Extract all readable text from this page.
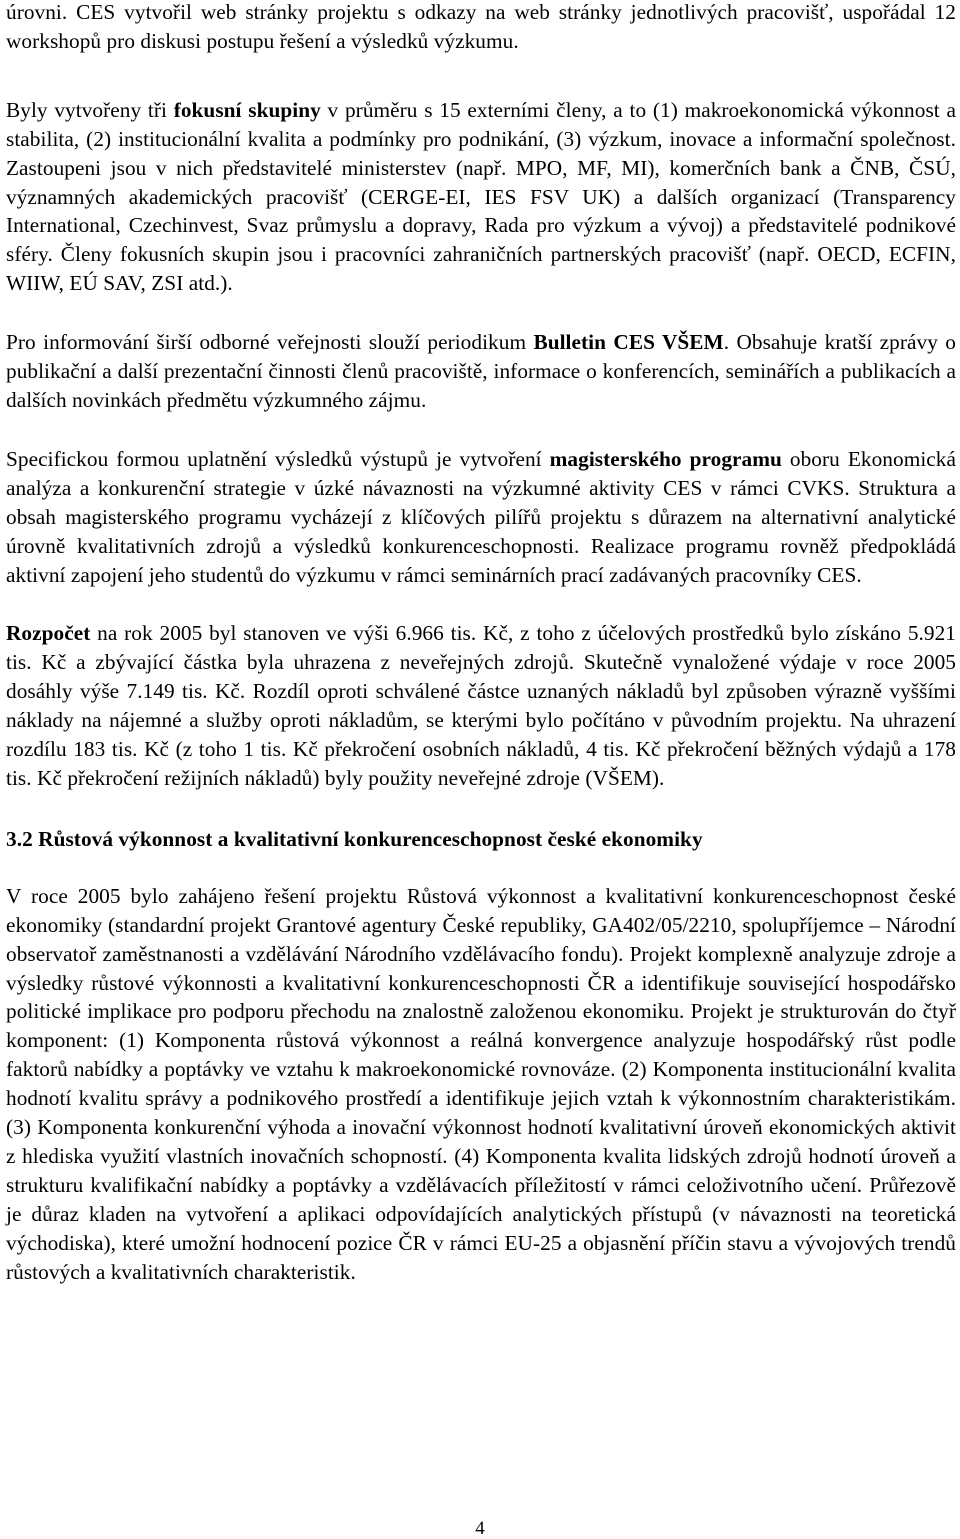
úrovni. CES vytvořil web stránky projektu s odkazy na web stránky jednotlivých pracovišť, uspořádal 12 workshopů pro diskusi postupu řešení a výsledků výzkumu.

Byly vytvořeny tři fokusní skupiny v průměru s 15 externími členy, a to (1) makroekonomická výkonnost a stabilita, (2) institucionální kvalita a podmínky pro podnikání, (3) výzkum, inovace a informační společnost. Zastoupeni jsou v nich představitelé ministerstev (např. MPO, MF, MI), komerčních bank a ČNB, ČSÚ, významných akademických pracovišť (CERGE-EI, IES FSV UK) a dalších organizací (Transparency International, Czechinvest, Svaz průmyslu a dopravy, Rada pro výzkum a vývoj) a představitelé podnikové sféry. Členy fokusních skupin jsou i pracovníci zahraničních partnerských pracovišť (např. OECD, ECFIN, WIIW, EÚ SAV, ZSI atd.).

Pro informování širší odborné veřejnosti slouží periodikum Bulletin CES VŠEM. Obsahuje kratší zprávy o publikační a další prezentační činnosti členů pracoviště, informace o konferencích, seminářích a publikacích a dalších novinkách předmětu výzkumného zájmu.

Specifickou formou uplatnění výsledků výstupů je vytvoření magisterského programu oboru Ekonomická analýza a konkurenční strategie v úzké návaznosti na výzkumné aktivity CES v rámci CVKS. Struktura a obsah magisterského programu vycházejí z klíčových pilířů projektu s důrazem na alternativní analytické úrovně kvalitativních zdrojů a výsledků konkurenceschopnosti. Realizace programu rovněž předpokládá aktivní zapojení jeho studentů do výzkumu v rámci seminárních prací zadávaných pracovníky CES.

Rozpočet na rok 2005 byl stanoven ve výši 6.966 tis. Kč, z toho z účelových prostředků bylo získáno 5.921 tis. Kč a zbývající částka byla uhrazena z neveřejných zdrojů. Skutečně vynaložené výdaje v roce 2005 dosáhly výše 7.149 tis. Kč. Rozdíl oproti schválené částce uznaných nákladů byl způsoben výrazně vyššími náklady na nájemné a služby oproti nákladům, se kterými bylo počítáno v původním projektu. Na uhrazení rozdílu 183 tis. Kč (z toho 1 tis. Kč překročení osobních nákladů, 4 tis. Kč překročení běžných výdajů a 178 tis. Kč překročení režijních nákladů) byly použity neveřejné zdroje (VŠEM).

3.2 Růstová výkonnost a kvalitativní konkurenceschopnost české ekonomiky

V roce 2005 bylo zahájeno řešení projektu Růstová výkonnost a kvalitativní konkurenceschopnost české ekonomiky (standardní projekt Grantové agentury České republiky, GA402/05/2210, spolupříjemce – Národní observatoř zaměstnanosti a vzdělávání Národního vzdělávacího fondu). Projekt komplexně analyzuje zdroje a výsledky růstové výkonnosti a kvalitativní konkurenceschopnosti ČR a identifikuje související hospodářsko politické implikace pro podporu přechodu na znalostně založenou ekonomiku. Projekt je strukturován do čtyř komponent: (1) Komponenta růstová výkonnost a reálná konvergence analyzuje hospodářský růst podle faktorů nabídky a poptávky ve vztahu k makroekonomické rovnováze. (2) Komponenta institucionální kvalita hodnotí kvalitu správy a podnikového prostředí a identifikuje jejich vztah k výkonnostním charakteristikám. (3) Komponenta konkurenční výhoda a inovační výkonnost hodnotí kvalitativní úroveň ekonomických aktivit z hlediska využití vlastních inovačních schopností. (4) Komponenta kvalita lidských zdrojů hodnotí úroveň a strukturu kvalifikační nabídky a poptávky a vzdělávacích příležitostí v rámci celoživotního učení. Průřezově je důraz kladen na vytvoření a aplikaci odpovídajících analytických přístupů (v návaznosti na teoretická východiska), které umožní hodnocení pozice ČR v rámci EU-25 a objasnění příčin stavu a vývojových trendů růstových a kvalitativních charakteristik.

4
